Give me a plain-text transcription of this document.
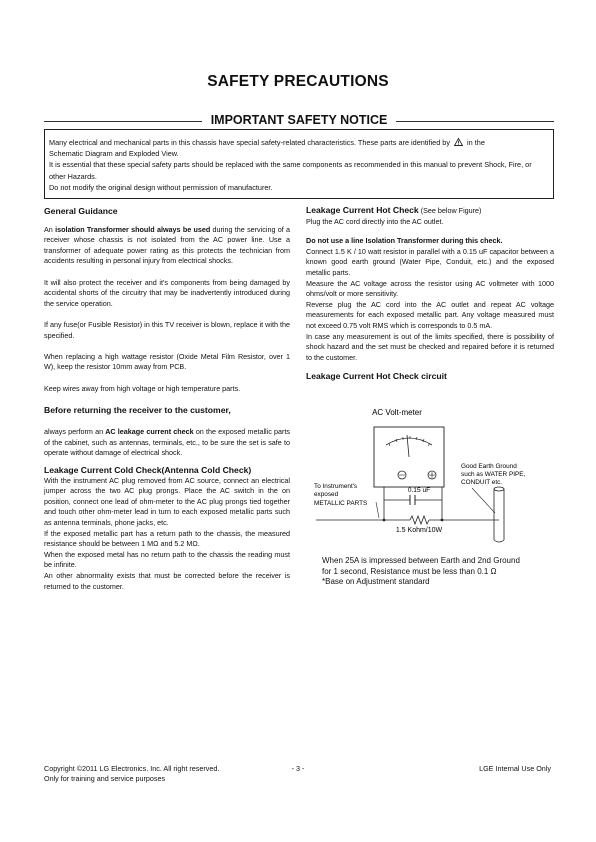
SAFETY PRECAUTIONS
IMPORTANT SAFETY NOTICE

Many electrical and mechanical parts in this chassis have special safety-related characteristics. These parts are identified by in the

Schematic Diagram and Exploded View.

It is essential that these special safety parts should be replaced with the same components as recommended in this manual to prevent Shock, Fire, or other Hazards.

Do not modify the original design without permission of manufacturer.

General Guidance

An isolation Transformer should always be used during the servicing of a receiver whose chassis is not isolated from the AC power line. Use a transformer of adequate power rating as this protects the technician from accidents resulting in personal injury from electrical shocks.

It will also protect the receiver and it's components from being damaged by accidental shorts of the circuitry that may be inadvertently introduced during the service operation.

If any fuse(or Fusible Resistor) in this TV receiver is blown, replace it with the specified.

When replacing a high wattage resistor (Oxide Metal Film Resistor, over 1 W), keep the resistor 10mm away from PCB.

Keep wires away from high voltage or high temperature parts.

Before returning the receiver to the customer,

always perform an AC leakage current check on the exposed metallic parts of the cabinet, such as antennas, terminals, etc., to be sure the set is safe to operate without damage of electrical shock.

Leakage Current Cold Check(Antenna Cold Check)

With the instrument AC plug removed from AC source, connect an electrical jumper across the two AC plug prongs. Place the AC switch in the on position, connect one lead of ohm-meter to the AC plug prongs tied together and touch other ohm-meter lead in turn to each exposed metallic parts such as antenna terminals, phone jacks, etc.

If the exposed metallic part has a return path to the chassis, the measured resistance should be between 1 MΩ and 5.2 MΩ.

When the exposed metal has no return path to the chassis the reading must be infinite.

An other abnormality exists that must be corrected before the receiver is returned to the customer.

Leakage Current Hot Check (See below Figure)

Plug the AC cord directly into the AC outlet.

Do not use a line Isolation Transformer during this check.

Connect 1.5 K / 10 watt resistor in parallel with a 0.15 uF capacitor between a known good earth ground (Water Pipe, Conduit, etc.) and the exposed metallic parts.

Measure the AC voltage across the resistor using AC voltmeter with 1000 ohms/volt or more sensitivity.

Reverse plug the AC cord into the AC outlet and repeat AC voltage measurements for each exposed metallic part. Any voltage measured must not exceed 0.75 volt RMS which is corresponds to 0.5 mA.

In case any measurement is out of the limits specified, there is possibility of shock hazard and the set must be checked and repaired before it is returned to the customer.

Leakage Current Hot Check circuit

AC Volt-meter
0.15 uF
1.5 Kohm/10W
To Instrument's
exposed
METALLIC PARTS
Good Earth Ground
such as WATER PIPE,
CONDUIT etc.
When 25A is impressed between Earth and 2nd Ground
for 1 second, Resistance must be less than 0.1 Ω
*Base on Adjustment standard
Copyright ©2011 LG Electronics. Inc. All right reserved.
Only for training and service purposes
- 3 -	LGE Internal Use Only
